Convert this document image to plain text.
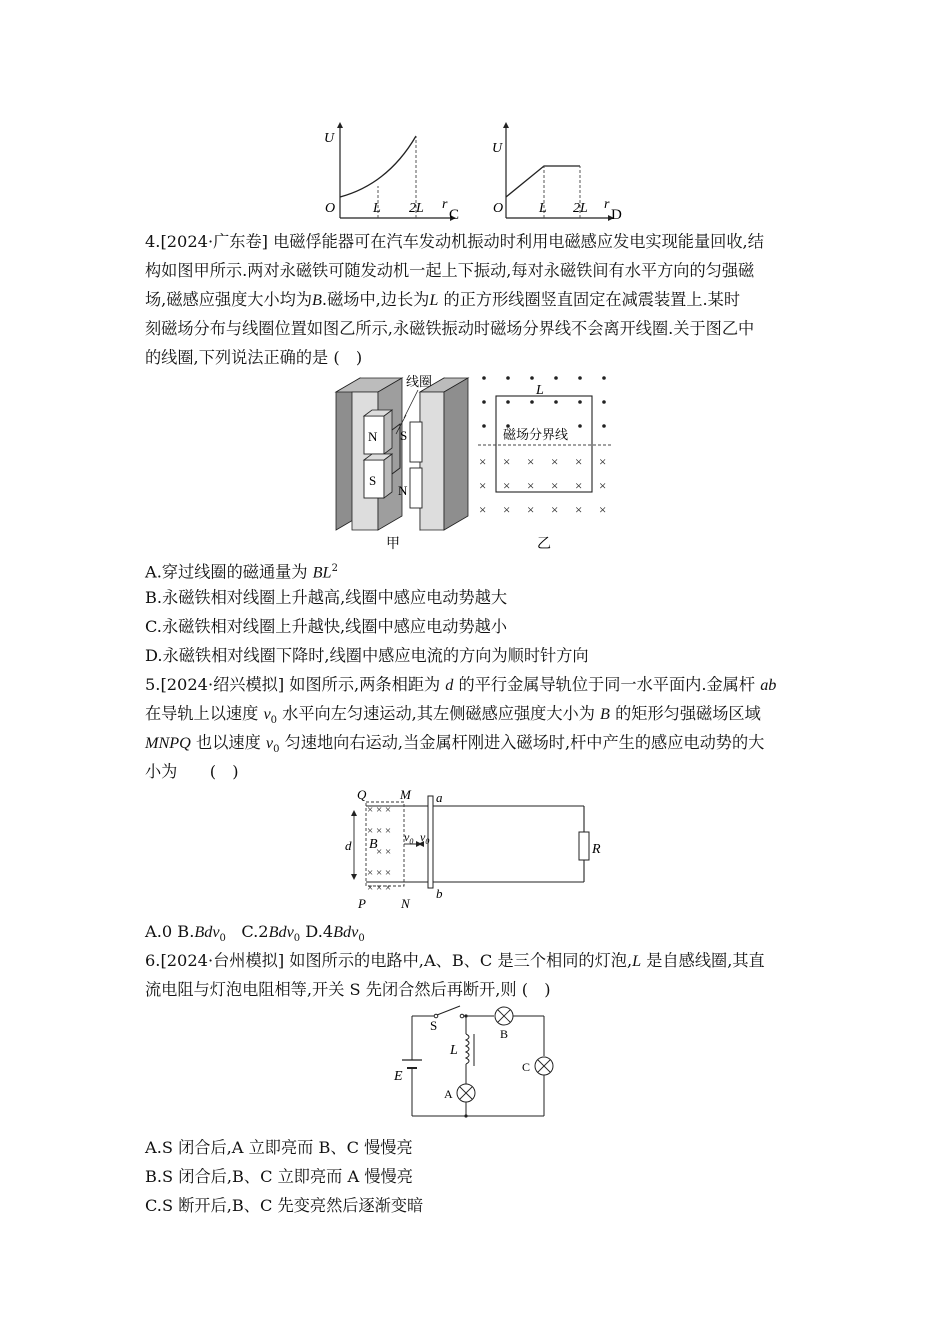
U
r
O	L 2L C
U
r
O	L 2L D
4.[2024·广东卷] 电磁俘能器可在汽车发动机振动时利用电磁感应发电实现能量回收,结
构如图甲所示.两对永磁铁可随发动机一起上下振动,每对永磁铁间有水平方向的匀强磁
场,磁感应强度大小均为B.磁场中,边长为L 的正方形线圈竖直固定在减震装置上.某时
刻磁场分布与线圈位置如图乙所示,永磁铁振动时磁场分界线不会离开线圈.关于图乙中
的线圈,下列说法正确的是 (　)
N
S
线圈
S
N
× × × × × ×
× × × × × ×
× × × × × ×
L
磁场分界线
甲	乙
A.穿过线圈的磁通量为 $BL^2$
B.永磁铁相对线圈上升越高,线圈中感应电动势越大
C.永磁铁相对线圈上升越快,线圈中感应电动势越小
D.永磁铁相对线圈下降时,线圈中感应电流的方向为顺时针方向
5.[2024·绍兴模拟] 如图所示,两条相距为 d 的平行金属导轨位于同一水平面内.金属杆 ab
在导轨上以速度 $v_0$ 水平向左匀速运动,其左侧磁感应强度大小为 B 的矩形匀强磁场区域
MNPQ 也以速度 $v_0$ 匀速地向右运动,当金属杆刚进入磁场时,杆中产生的感应电动势的大
小为　　(　)
R
× × ×
× × ×
× ×
× × ×
× × ×
B
a
b
Q	M
P	N
d
$v_0$ $v_0$
A.0 B.Bdv$_0$ C.2Bdv$_0$ D.4Bdv$_0$
6.[2024·台州模拟] 如图所示的电路中,A、B、C 是三个相同的灯泡,L 是自感线圈,其直
流电阻与灯泡电阻相等,开关 S 先闭合然后再断开,则 (　)
E
S
B
C
L
A
A.S 闭合后,A 立即亮而 B、C 慢慢亮
B.S 闭合后,B、C 立即亮而 A 慢慢亮
C.S 断开后,B、C 先变亮然后逐渐变暗
